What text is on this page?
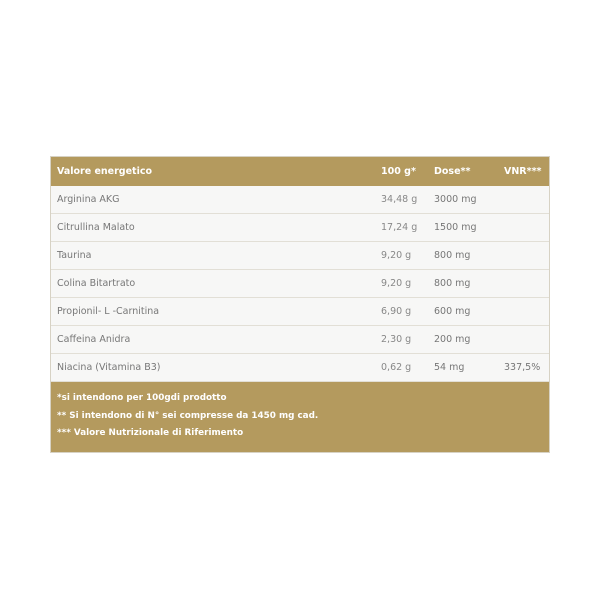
Valore energetico	100 g*	Dose**	VNR***
Arginina AKG	34,48 g	3000 mg
Citrullina Malato	17,24 g	1500 mg
Taurina	9,20 g	800 mg
Colina Bitartrato	9,20 g	800 mg
Propionil- L -Carnitina	6,90 g	600 mg
Caffeina Anidra	2,30 g	200 mg
Niacina (Vitamina B3)	0,62 g	54 mg	337,5%
*si intendono per 100gdi prodotto
** Si intendono di N° sei compresse da 1450 mg cad.
*** Valore Nutrizionale di Riferimento
